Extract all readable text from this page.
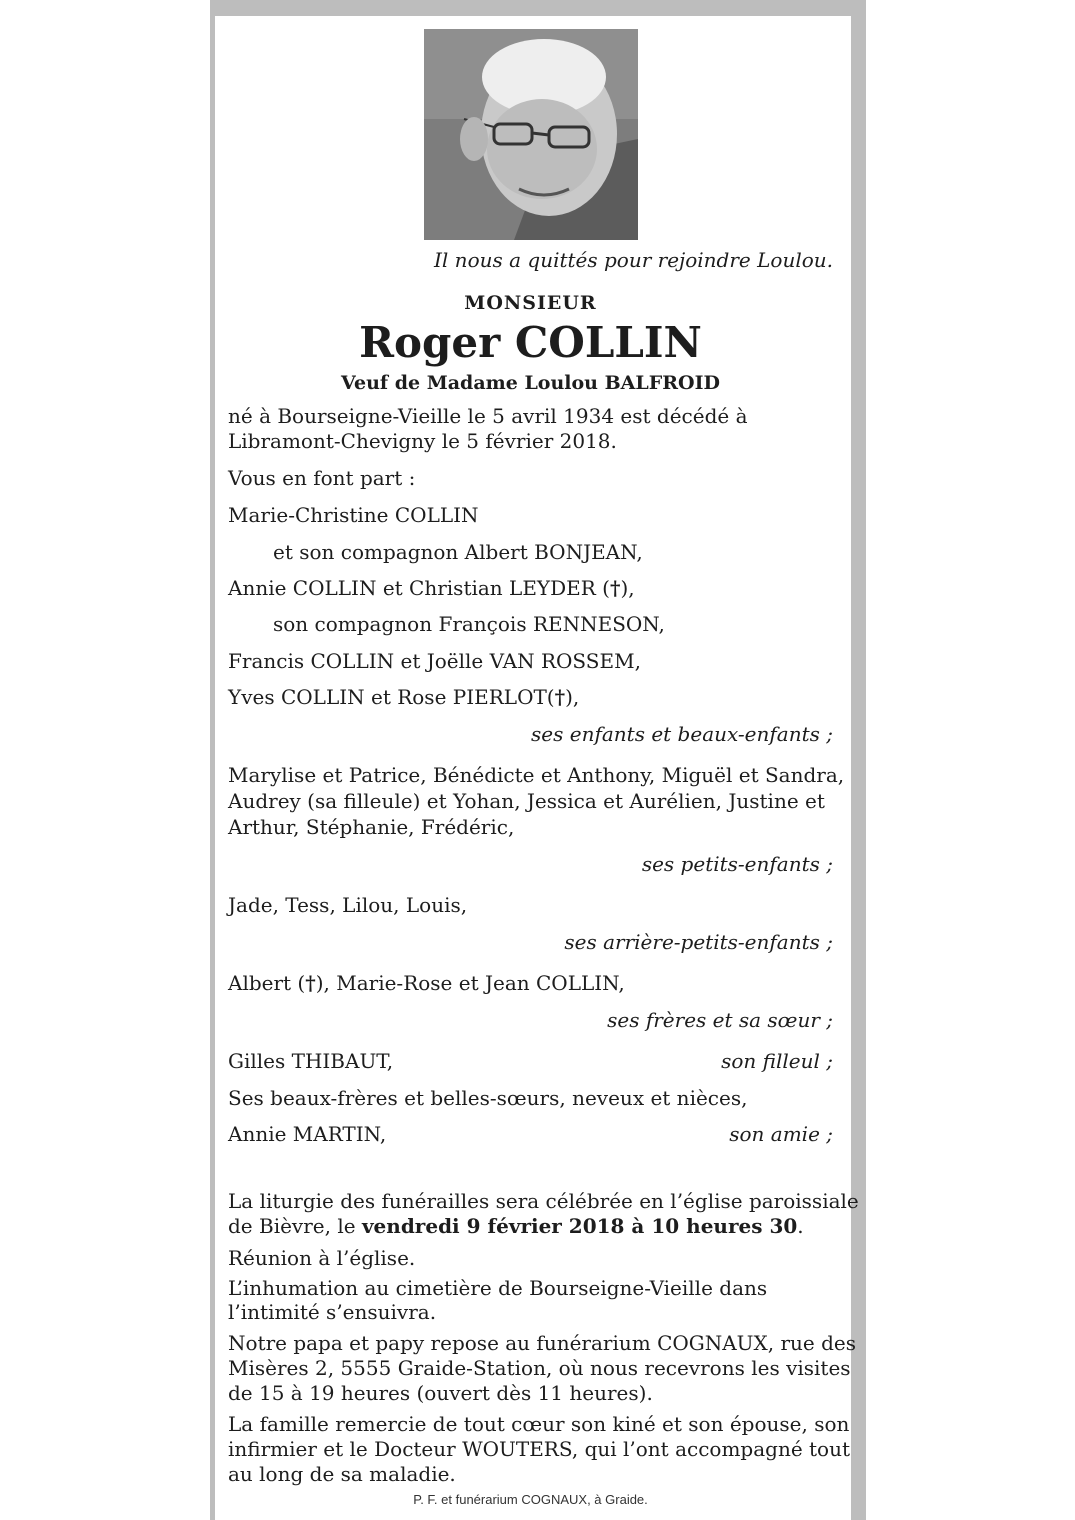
Il nous a quittés pour rejoindre Loulou.
MONSIEUR
Roger COLLIN
Veuf de Madame Loulou BALFROID
né à Bourseigne-Vieille le 5 avril 1934 est décédé à
Libramont-Chevigny le 5 février 2018.
Vous en font part :
Marie-Christine COLLIN
et son compagnon Albert BONJEAN,
Annie COLLIN et Christian LEYDER (†),
son compagnon François RENNESON,
Francis COLLIN et Joëlle VAN ROSSEM,
Yves COLLIN et Rose PIERLOT(†),
ses enfants et beaux-enfants ;
Marylise et Patrice, Bénédicte et Anthony, Miguël et Sandra,
Audrey (sa filleule) et Yohan, Jessica et Aurélien, Justine et
Arthur, Stéphanie, Frédéric,
ses petits-enfants ;
Jade, Tess, Lilou, Louis,
ses arrière-petits-enfants ;
Albert (†), Marie-Rose et Jean COLLIN,
ses frères et sa sœur ;
Gilles THIBAUT,	son filleul ;
Ses beaux-frères et belles-sœurs, neveux et nièces,
Annie MARTIN,	son amie ;
La liturgie des funérailles sera célébrée en l’église paroissiale
de Bièvre, le vendredi 9 février 2018 à 10 heures 30.
Réunion à l’église.
L’inhumation au cimetière de Bourseigne-Vieille dans
l’intimité s’ensuivra.
Notre papa et papy repose au funérarium COGNAUX, rue des
Misères 2, 5555 Graide-Station, où nous recevrons les visites
de 15 à 19 heures (ouvert dès 11 heures).
La famille remercie de tout cœur son kiné et son épouse, son
infirmier et le Docteur WOUTERS, qui l’ont accompagné tout
au long de sa maladie.
P. F. et funérarium COGNAUX, à Graide.
